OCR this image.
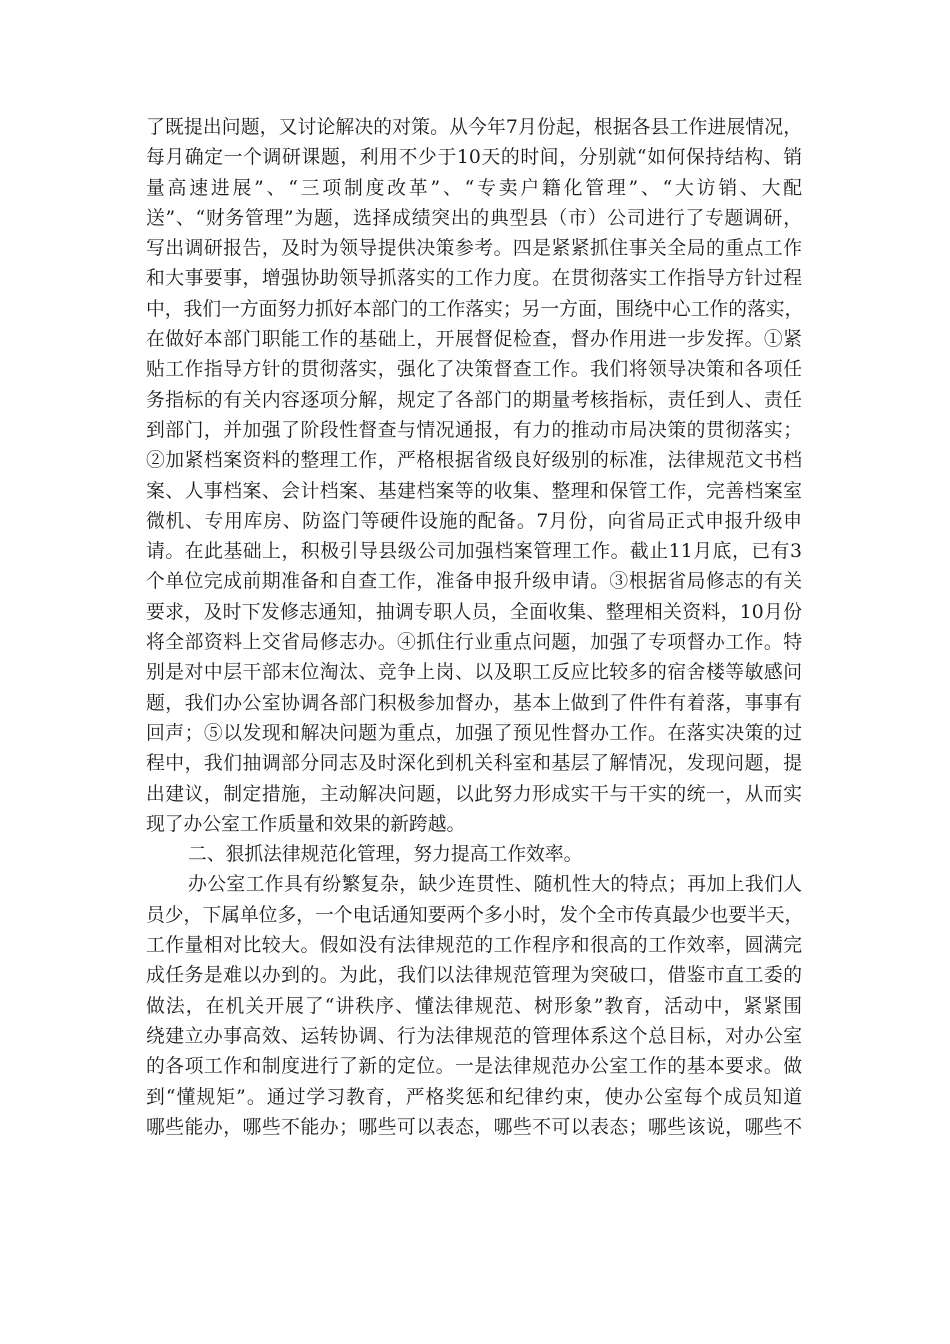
了既提出问题，又讨论解决的对策。从今年7月份起，根据各县工作进展情况，
每月确定一个调研课题，利用不少于10天的时间，分别就“如何保持结构、销
量高速进展”、“三项制度改革”、“专卖户籍化管理”、“大访销、大配
送”、“财务管理”为题，选择成绩突出的典型县（市）公司进行了专题调研，
写出调研报告，及时为领导提供决策参考。四是紧紧抓住事关全局的重点工作
和大事要事，增强协助领导抓落实的工作力度。在贯彻落实工作指导方针过程
中，我们一方面努力抓好本部门的工作落实；另一方面，围绕中心工作的落实，
在做好本部门职能工作的基础上，开展督促检查，督办作用进一步发挥。①紧
贴工作指导方针的贯彻落实，强化了决策督查工作。我们将领导决策和各项任
务指标的有关内容逐项分解，规定了各部门的期量考核指标，责任到人、责任
到部门，并加强了阶段性督查与情况通报，有力的推动市局决策的贯彻落实；
②加紧档案资料的整理工作，严格根据省级良好级别的标准，法律规范文书档
案、人事档案、会计档案、基建档案等的收集、整理和保管工作，完善档案室
微机、专用库房、防盗门等硬件设施的配备。7月份，向省局正式申报升级申
请。在此基础上，积极引导县级公司加强档案管理工作。截止11月底，已有3
个单位完成前期准备和自查工作，准备申报升级申请。③根据省局修志的有关
要求，及时下发修志通知，抽调专职人员，全面收集、整理相关资料，10月份
将全部资料上交省局修志办。④抓住行业重点问题，加强了专项督办工作。特
别是对中层干部末位淘汰、竞争上岗、以及职工反应比较多的宿舍楼等敏感问
题，我们办公室协调各部门积极参加督办，基本上做到了件件有着落，事事有
回声；⑤以发现和解决问题为重点，加强了预见性督办工作。在落实决策的过
程中，我们抽调部分同志及时深化到机关科室和基层了解情况，发现问题，提
出建议，制定措施，主动解决问题，以此努力形成实干与干实的统一，从而实
现了办公室工作质量和效果的新跨越。
二、狠抓法律规范化管理，努力提高工作效率。
办公室工作具有纷繁复杂，缺少连贯性、随机性大的特点；再加上我们人
员少，下属单位多，一个电话通知要两个多小时，发个全市传真最少也要半天，
工作量相对比较大。假如没有法律规范的工作程序和很高的工作效率，圆满完
成任务是难以办到的。为此，我们以法律规范管理为突破口，借鉴市直工委的
做法，在机关开展了“讲秩序、懂法律规范、树形象”教育，活动中，紧紧围
绕建立办事高效、运转协调、行为法律规范的管理体系这个总目标，对办公室
的各项工作和制度进行了新的定位。一是法律规范办公室工作的基本要求。做
到“懂规矩”。通过学习教育，严格奖惩和纪律约束，使办公室每个成员知道
哪些能办，哪些不能办；哪些可以表态，哪些不可以表态；哪些该说，哪些不
